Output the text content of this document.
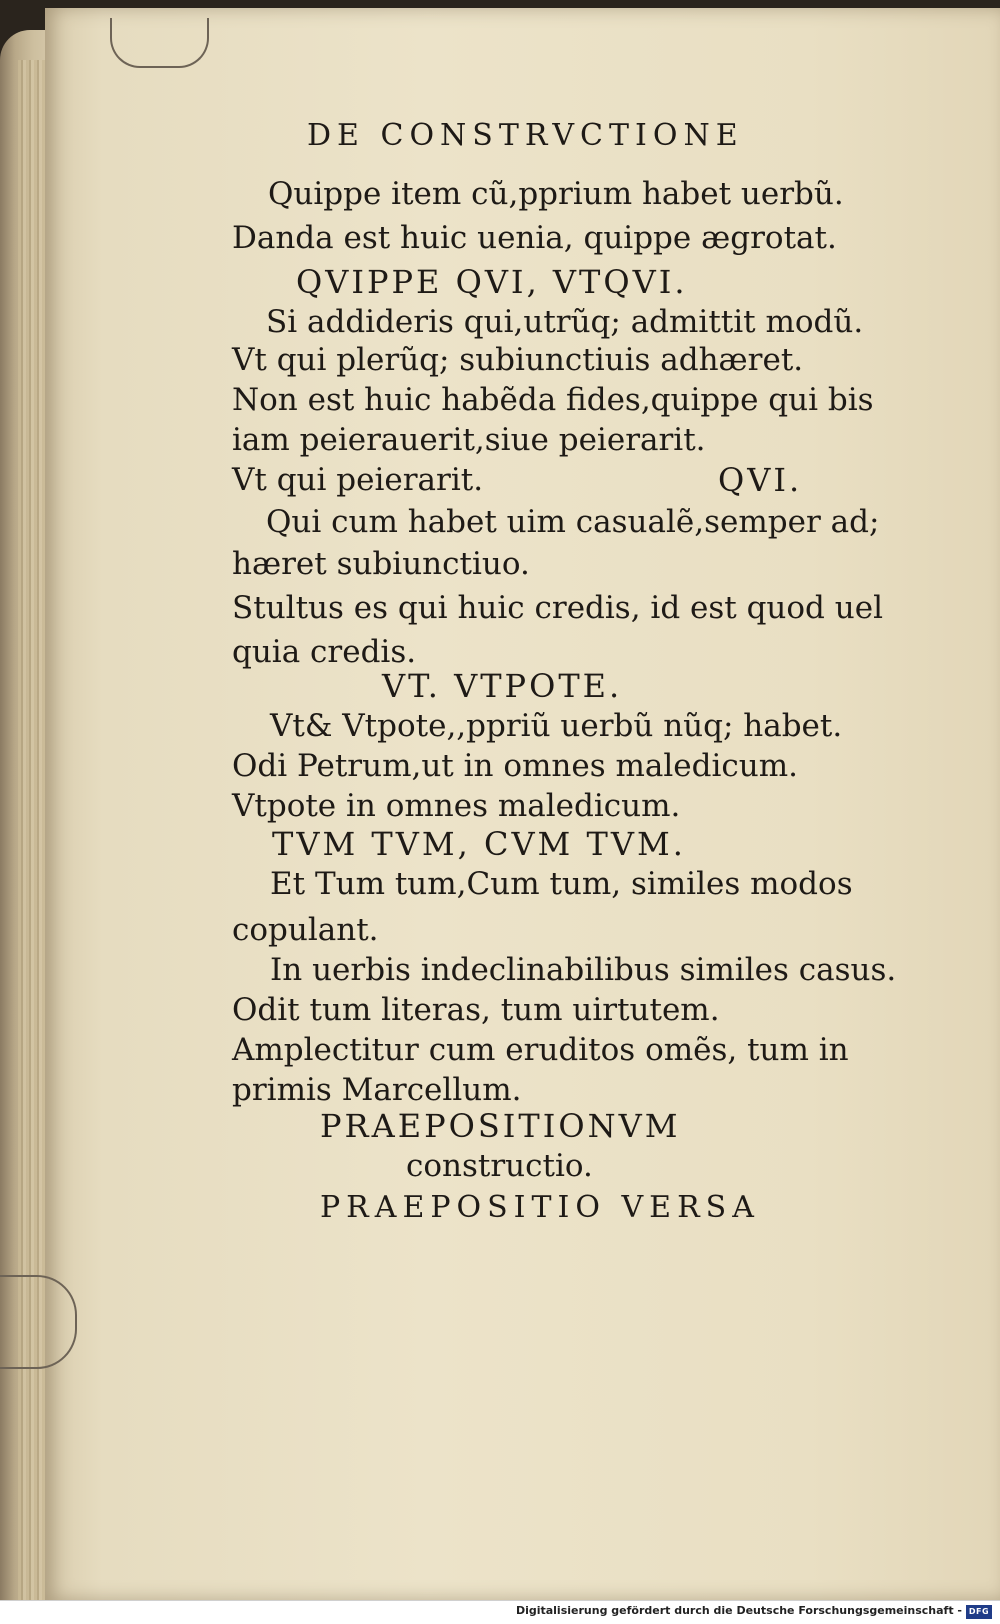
DE CONSTRVCTIONE

Quippe item cũ,pprium habet uerbũ.

Danda est huic uenia, quippe ægrotat.

QVIPPE QVI, VTQVI.

Si addideris qui,utrũq; admittit modũ.

Vt qui plerũq; subiunctiuis adhæret.

Non est huic habẽda fides,quippe qui bis

iam peierauerit,siue peierarit.

Vt qui peierarit.	QVI.

Qui cum habet uim casualẽ,semper ad;

hæret subiunctiuo.

Stultus es qui huic credis, id est quod uel

quia credis.

VT. VTPOTE.

Vt& Vtpote,,ppriũ uerbũ nũq; habet.

Odi Petrum,ut in omnes maledicum.

Vtpote in omnes maledicum.

TVM TVM, CVM TVM.

Et Tum tum,Cum tum, similes modos

copulant.

In uerbis indeclinabilibus similes casus.

Odit tum literas, tum uirtutem.

Amplectitur cum eruditos omẽs, tum in

primis Marcellum.

PRAEPOSITIONVM

constructio.

PRAEPOSITIO VERSA

Digitalisierung gefördert durch die Deutsche Forschungsgemeinschaft - DFG
